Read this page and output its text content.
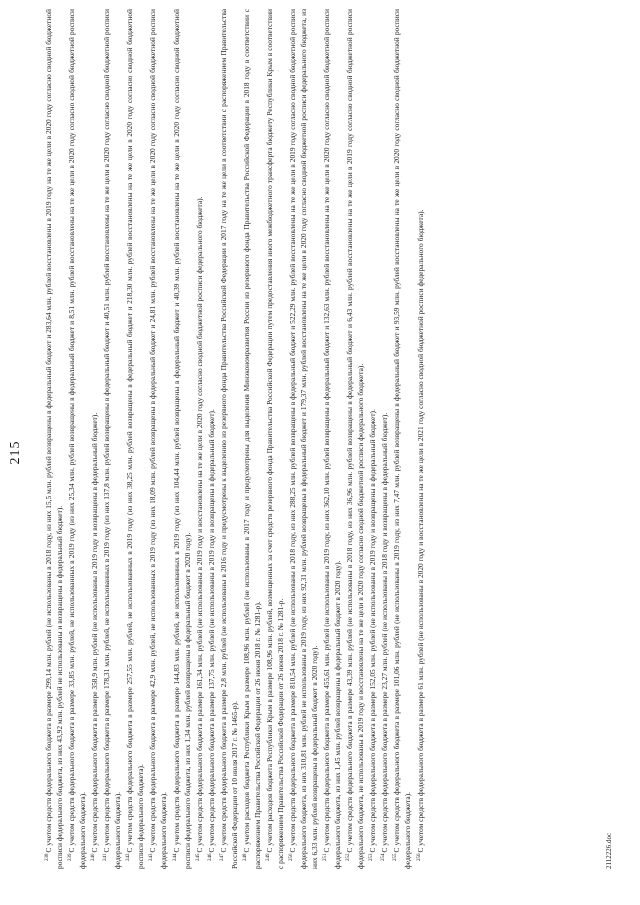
215

$^{238}$С учетом средств федерального бюджета в размере 299,14 млн. рублей (не использованы в 2018 году, из них 15,5 млн. рублей возвращены в федеральный бюджет и 283,64 млн. рублей восстановлены в 2019 году на те же цели в 2020 году согласно сводной бюджетной росписи федерального бюджета, из них 43,92 млн. рублей не использованы и возвращены в федеральный бюджет). $^{239}$С учетом средств федерального бюджета в размере 33,85 млн. рублей, не использованных в 2019 году (из них 25,34 млн. рублей возвращены в федеральный бюджет и 8,51 млн. рублей восстановлены на те же цели в 2020 году согласно сводной бюджетной росписи федерального бюджета). $^{240}$С учетом средств федерального бюджета в размере 358,9 млн. рублей (не использованы в 2019 году и возвращены в федеральный бюджет).

$^{241}$С учетом средств федерального бюджета в размере 178,31 млн. рублей, не использованных в 2019 году (из них 137,8 млн. рублей возвращены в федеральный бюджет и 40,51 млн. рублей восстановлены на те же цели в 2020 году согласно сводной бюджетной росписи федерального бюджета). $^{242}$С учетом средств федерального бюджета в размере 257,55 млн. рублей, не использованных в 2019 году (из них 38,25 млн. рублей возвращены в федеральный бюджет и 218,30 млн. рублей восстановлены на те же цели в 2020 году согласно сводной бюджетной росписи федерального бюджета). $^{243}$С учетом средств федерального бюджета в размере 42,9 млн. рублей, не использованных в 2019 году (из них 18,09 млн. рублей возвращены в федеральный бюджет и 24,81 млн. рублей восстановлены на те же цели в 2020 году согласно сводной бюджетной росписи федерального бюджета). $^{244}$С учетом средств федерального бюджета в размере 144,83 млн. рублей, не использованных в 2019 году (из них 104,44 млн. рублей возвращены в федеральный бюджет и 40,39 млн. рублей восстановлены на те же цели в 2020 году согласно сводной бюджетной росписи федерального бюджета, из них 1,34 млн. рублей возвращены в федеральный бюджет в 2020 году). $^{245}$С учетом средств федерального бюджета в размере 161,34 млн. рублей (не использованы в 2019 году и восстановлены на те же цели в 2020 году согласно сводной бюджетной росписи федерального бюджета).

$^{246}$С учетом средств федерального бюджета в размере 137,75 млн. рублей (не использованы в 2019 году и возвращены в федеральный бюджет).

$^{247}$С учетом средств федерального бюджета в размере 2,8 млн. рублей (не использованы в 2016 году и предусмотрены к выделению из резервного фонда Правительства Российской Федерации в 2017 году на те же цели в соответствии с распоряжением Правительства Российской Федерации от 10 июля 2017 г. № 1465-р). $^{248}$С учетом расходов бюджета Республики Крым в размере 108,96 млн. рублей (не использованы в 2017 году и предусмотрены для выделения Минэкономразвития России из резервного фонда Правительства Российской Федерации в 2018 году в соответствии с распоряжением Правительства Российской Федерации от 26 июня 2018 г. № 1281-р). $^{249}$С учетом расходов бюджета Республики Крым в размере 108,96 млн. рублей, возмещенных за счет средств резервного фонда Правительства Российской Федерации путем предоставления иного межбюджетного трансферта бюджету Республики Крым в соответствии с распоряжением Правительства Российской Федерации от 26 июня 2018 г. № 1281-р. $^{250}$С учетом средств федерального бюджета в размере 810,54 млн. рублей (не использованы в 2018 году, из них 288,25 млн. рублей возвращены в федеральный бюджет и 522,29 млн. рублей восстановлены на те же цели в 2019 году согласно сводной бюджетной росписи федерального бюджета, из них 310,81 млн. рублей не использованы в 2019 году, из них 92,31 млн. рублей возвращены в федеральный бюджет и 179,37 млн. рублей восстановлены на те же цели в 2020 году согласно сводной бюджетной росписи федерального бюджета, из них 6,33 млн. рублей возвращены в федеральный бюджет в 2020 году). $^{251}$С учетом средств федерального бюджета в размере 455,61 млн. рублей (не использованы в 2019 году, из них 362,10 млн. рублей возвращены в федеральный бюджет и 132,63 млн. рублей восстановлены на те же цели в 2020 году согласно сводной бюджетной росписи федерального бюджета, из них 1,45 млн. рублей возвращены в федеральный бюджет в 2020 году). $^{252}$С учетом средств федерального бюджета в размере 43,39 млн. рублей (не использованы в 2018 году, из них 36,96 млн. рублей возвращены в федеральный бюджет и 6,43 млн. рублей восстановлены на те же цели в 2019 году согласно сводной бюджетной росписи федерального бюджета, не использованы в 2019 году и восстановлены на те же цели в 2020 году согласно сводной бюджетной росписи федерального бюджета). $^{253}$С учетом средств федерального бюджета в размере 152,05 млн. рублей (не использованы в 2019 году и возвращены в федеральный бюджет).

$^{254}$С учетом средств федерального бюджета в размере 23,27 млн. рублей (не использованы в 2018 году и возвращены в федеральный бюджет).

$^{255}$С учетом средств федерального бюджета в размере 101,06 млн. рублей (не использованы в 2019 году, из них 7,47 млн. рублей возвращены в федеральный бюджет и 93,59 млн. рублей восстановлены на те же цели в 2020 году согласно сводной бюджетной росписи федерального бюджета). $^{256}$С учетом средств федерального бюджета в размере 61 млн. рублей (не использованы в 2020 году и восстановлены на те же цели в 2021 году согласно сводной бюджетной росписи федерального бюджета).	2112226.doc
